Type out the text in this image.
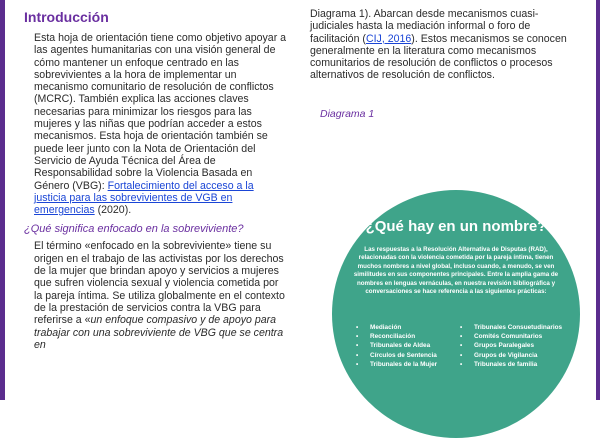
Introducción

Esta hoja de orientación tiene como objetivo apoyar a las agentes humanitarias con una visión general de cómo mantener un enfoque centrado en las sobrevivientes a la hora de implementar un mecanismo comunitario de resolución de conflictos (MCRC). También explica las acciones claves necesarias para minimizar los riesgos para las mujeres y las niñas que podrían acceder a estos mecanismos. Esta hoja de orientación también se puede leer junto con la Nota de Orientación del Servicio de Ayuda Técnica del Área de Responsabilidad sobre la Violencia Basada en Género (VBG): Fortalecimiento del acceso a la justicia para las sobrevivientes de VGB en emergencias (2020).

¿Qué significa enfocado en la sobreviviente?

El término «enfocado en la sobreviviente» tiene su origen en el trabajo de las activistas por los derechos de la mujer que brindan apoyo y servicios a mujeres que sufren violencia sexual y violencia cometida por la pareja íntima. Se utiliza globalmente en el contexto de la prestación de servicios contra la VBG para referirse a «un enfoque compasivo y de apoyo para trabajar con una sobreviviente de VBG que se centra en

Diagrama 1). Abarcan desde mecanismos cuasi-judiciales hasta la mediación informal o foro de facilitación (CIJ, 2016). Estos mecanismos se conocen generalmente en la literatura como mecanismos comunitarios de resolución de conflictos o procesos alternativos de resolución de conflictos.

Diagrama 1

¿Qué hay en un nombre?
Las respuestas a la Resolución Alternativa de Disputas (RAD), relacionadas con la violencia cometida por la pareja íntima, tienen muchos nombres a nivel global, incluso cuando, a menudo, se ven similitudes en sus componentes principales. Entre la amplia gama de nombres en lenguas vernáculas, en nuestra revisión bibliográfica y conversaciones se hace referencia a las siguientes prácticas:
• Mediación
• Reconciliación
• Tribunales de Aldea
• Círculos de Sentencia
• Tribunales de la Mujer
• Tribunales Consuetudinarios
• Comités Comunitarios
• Grupos Paralegales
• Grupos de Vigilancia
• Tribunales de familia
